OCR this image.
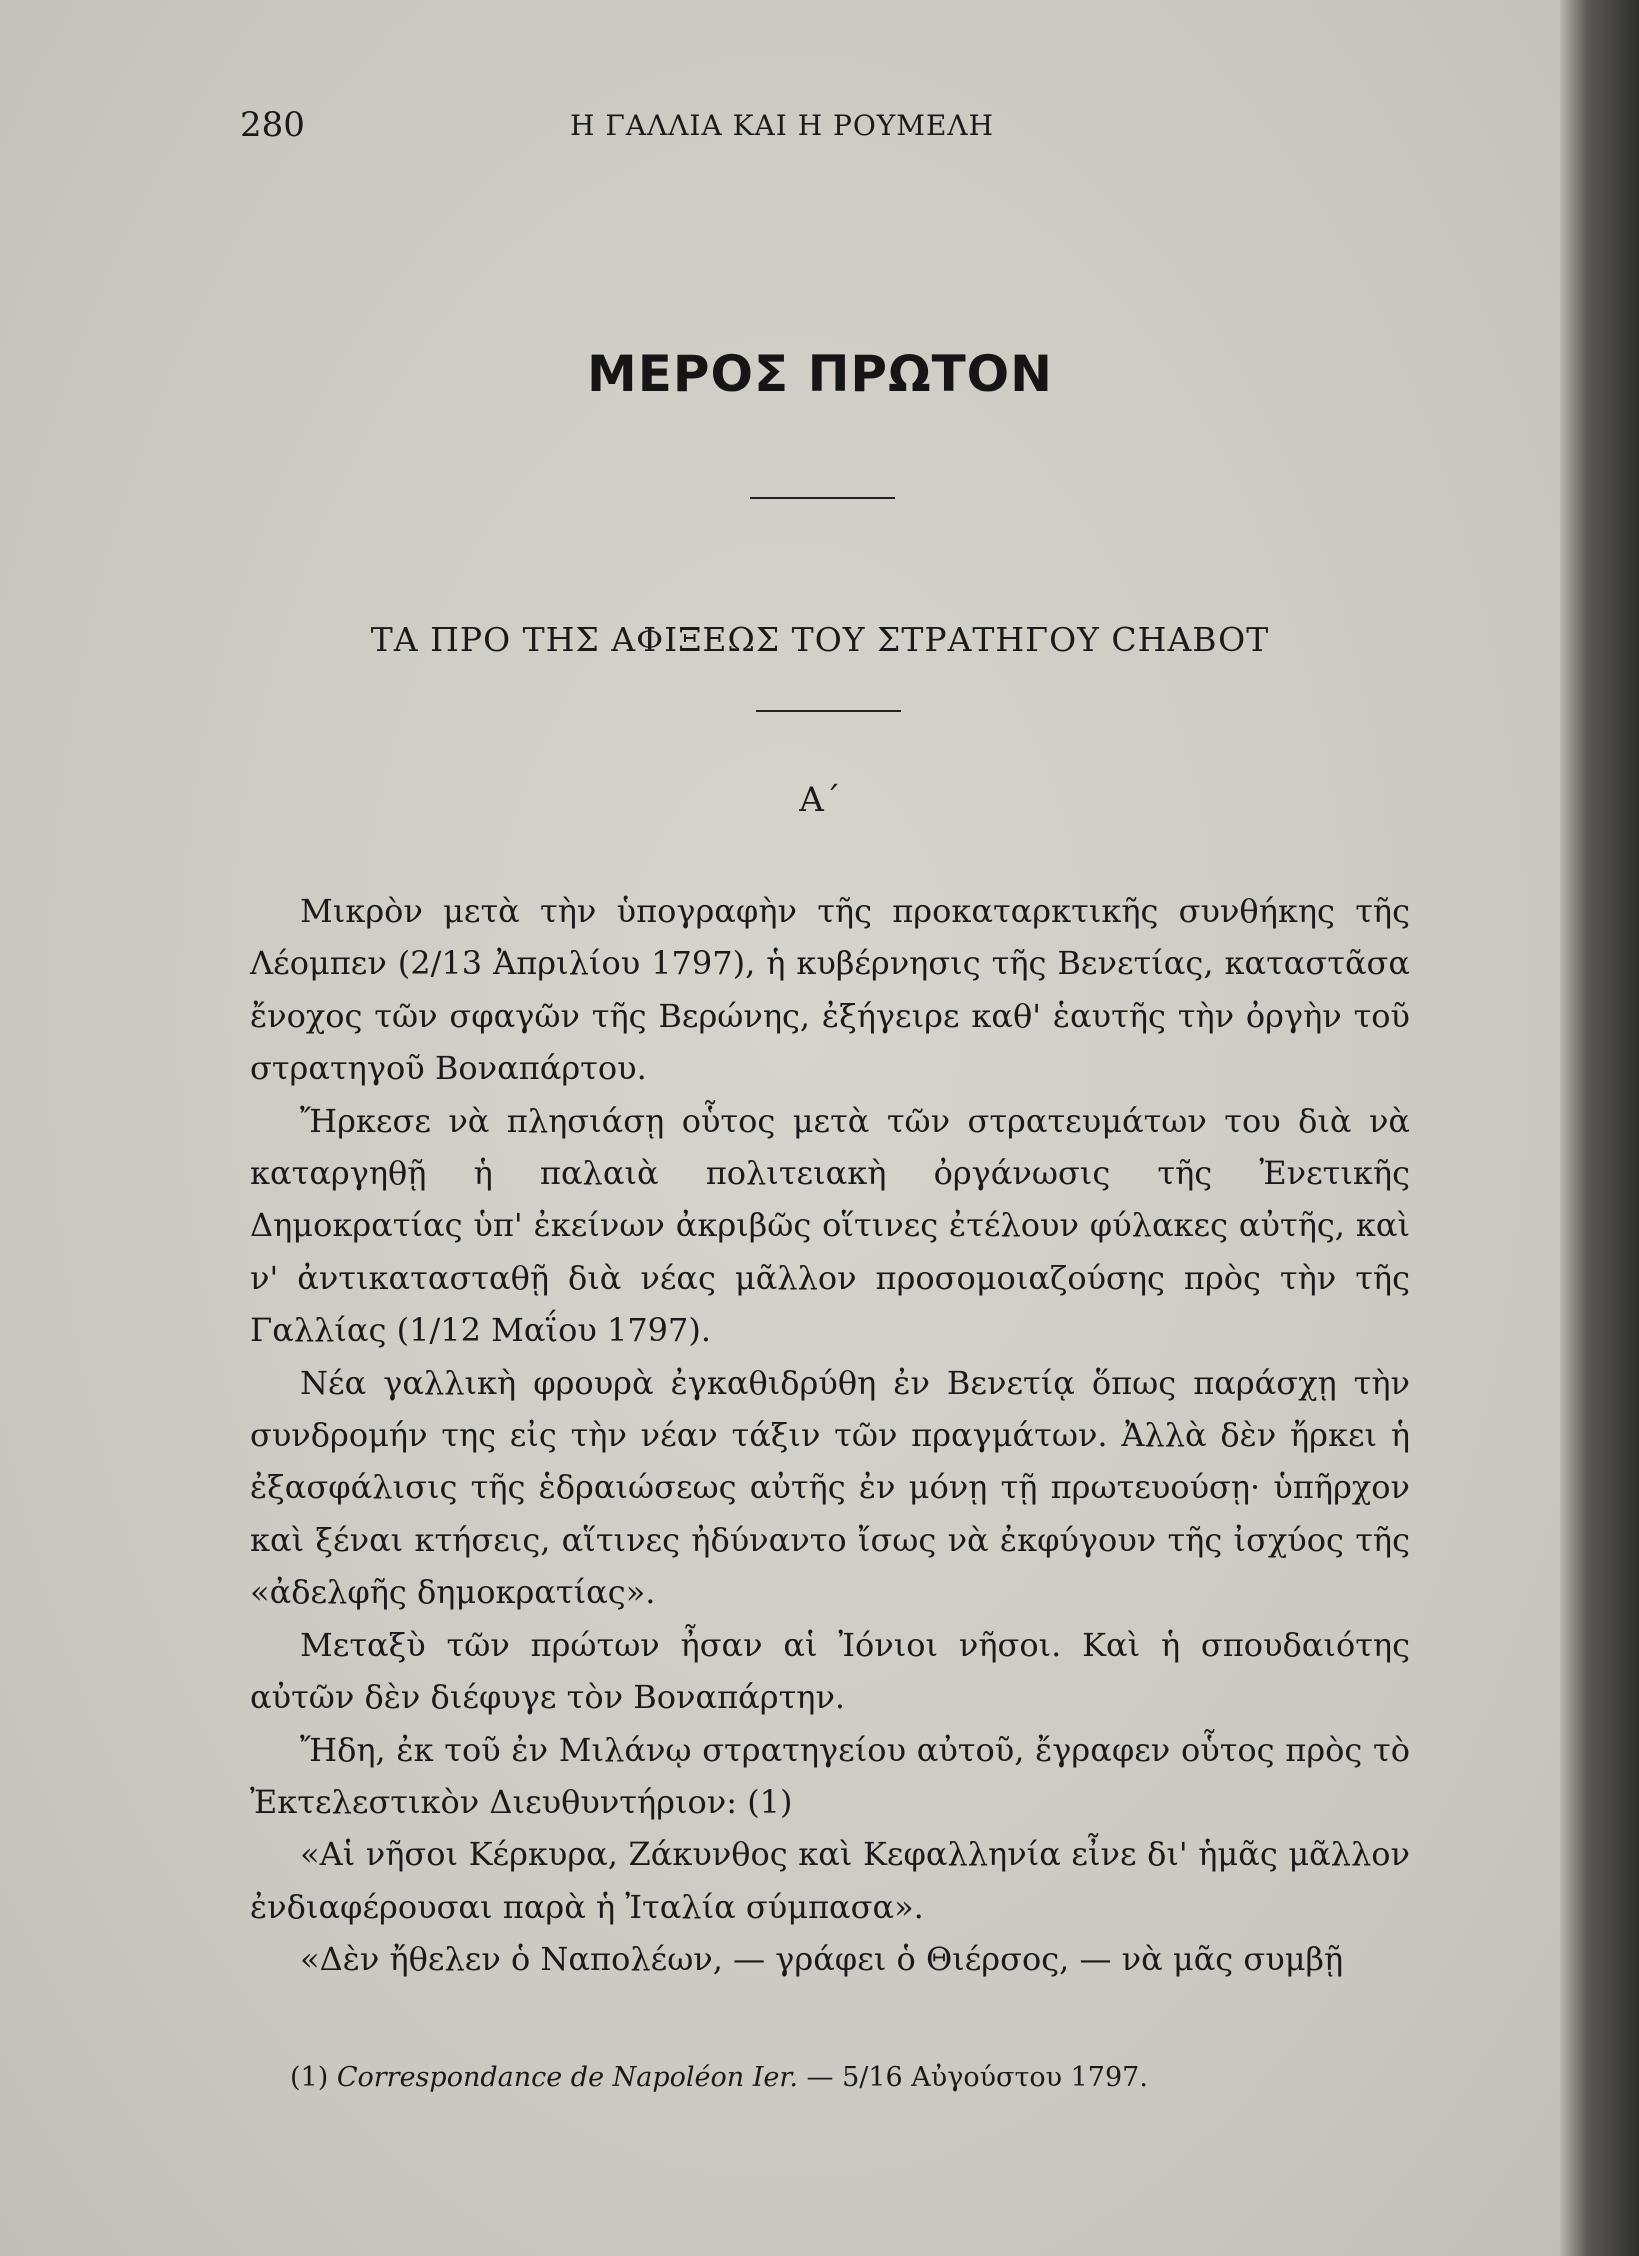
280	Η ΓΑΛΛΙΑ ΚΑΙ Η ΡΟΥΜΕΛΗ
ΜΕΡΟΣ ΠΡΩΤΟΝ
ΤΑ ΠΡΟ ΤΗΣ ΑΦΙΞΕΩΣ ΤΟΥ ΣΤΡΑΤΗΓΟΥ CHABOT
Α΄

Μικρὸν μετὰ τὴν ὑπογραφὴν τῆς προκαταρκτικῆς συνθήκης τῆς Λέομπεν (2/13 Ἀπριλίου 1797), ἡ κυβέρνησις τῆς Βενετίας, καταστᾶσα ἔνοχος τῶν σφαγῶν τῆς Βερώνης, ἐξήγειρε καθ' ἑαυτῆς τὴν ὀργὴν τοῦ στρατηγοῦ Βοναπάρτου.

Ἤρκεσε νὰ πλησιάσῃ οὗτος μετὰ τῶν στρατευμάτων του διὰ νὰ καταργηθῇ ἡ παλαιὰ πολιτειακὴ ὀργάνωσις τῆς Ἐνετικῆς Δημοκρατίας ὑπ' ἐκείνων ἀκριβῶς οἵτινες ἐτέλουν φύλακες αὐτῆς, καὶ ν' ἀντικατασταθῇ διὰ νέας μᾶλλον προσομοιαζούσης πρὸς τὴν τῆς Γαλλίας (1/12 Μαΐου 1797).

Νέα γαλλικὴ φρουρὰ ἐγκαθιδρύθη ἐν Βενετίᾳ ὅπως παράσχῃ τὴν συνδρομήν της εἰς τὴν νέαν τάξιν τῶν πραγμάτων. Ἀλλὰ δὲν ἤρκει ἡ ἐξασφάλισις τῆς ἑδραιώσεως αὐτῆς ἐν μόνῃ τῇ πρωτευούσῃ· ὑπῆρχον καὶ ξέναι κτήσεις, αἵτινες ἠδύναντο ἴσως νὰ ἐκφύγουν τῆς ἰσχύος τῆς «ἀδελφῆς δημοκρατίας».

Μεταξὺ τῶν πρώτων ἦσαν αἱ Ἰόνιοι νῆσοι. Καὶ ἡ σπουδαιότης αὐτῶν δὲν διέφυγε τὸν Βοναπάρτην.

Ἤδη, ἐκ τοῦ ἐν Μιλάνῳ στρατηγείου αὐτοῦ, ἔγραφεν οὗτος πρὸς τὸ Ἐκτελεστικὸν Διευθυντήριον: (1)

«Αἱ νῆσοι Κέρκυρα, Ζάκυνθος καὶ Κεφαλληνία εἶνε δι' ἡμᾶς μᾶλλον ἐνδιαφέρουσαι παρὰ ἡ Ἰταλία σύμπασα».

«Δὲν ἤθελεν ὁ Ναπολέων, — γράφει ὁ Θιέρσος, — νὰ μᾶς συμβῇ

(1) Correspondance de Napoléon Ier. — 5/16 Αὐγούστου 1797.
